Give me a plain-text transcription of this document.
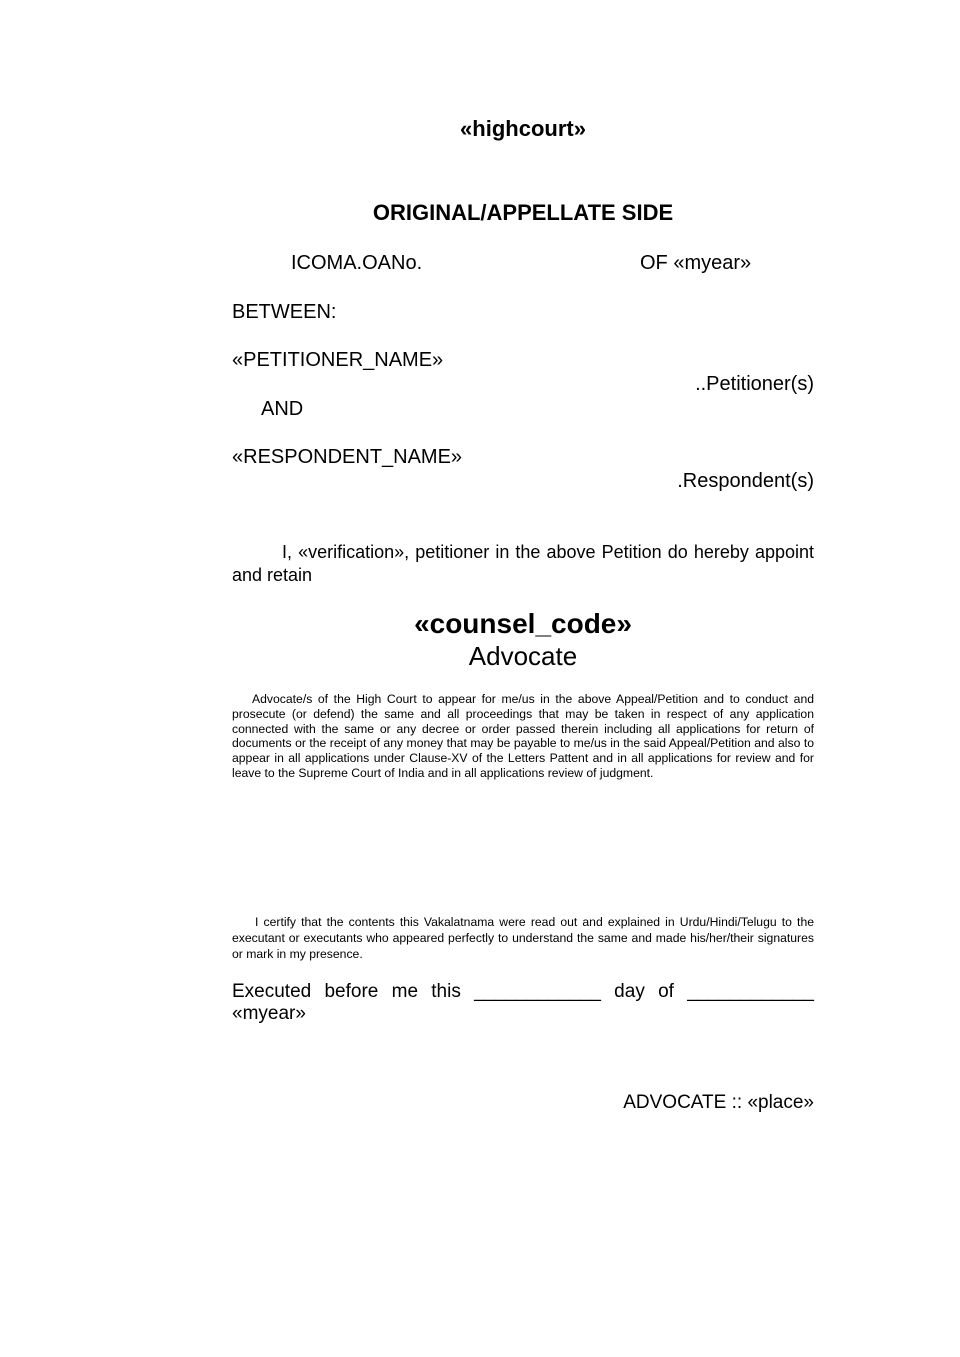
«highcourt»

ORIGINAL/APPELLATE SIDE

ICOMA.OANo.	OF «myear»

BETWEEN:

«PETITIONER_NAME»

..Petitioner(s)

AND

«RESPONDENT_NAME»

.Respondent(s)

I, «verification», petitioner in the above Petition do hereby appoint and retain

«counsel_code»

Advocate

Advocate/s of the High Court to appear for me/us in the above Appeal/Petition and to conduct and prosecute (or defend) the same and all proceedings that may be taken in respect of any application connected with the same or any decree or order passed therein including all applications for return of documents or the receipt of any money that may be payable to me/us in the said Appeal/Petition and also to appear in all applications under Clause-XV of the Letters Pattent and in all applications for review and for leave to the Supreme Court of India and in all applications review of judgment.

I certify that the contents this Vakalatnama were read out and explained in Urdu/Hindi/Telugu to the executant or executants who appeared perfectly to understand the same and made his/her/their signatures or mark in my presence.

Executed before me this ____________ day of ____________ «myear»

ADVOCATE :: «place»
